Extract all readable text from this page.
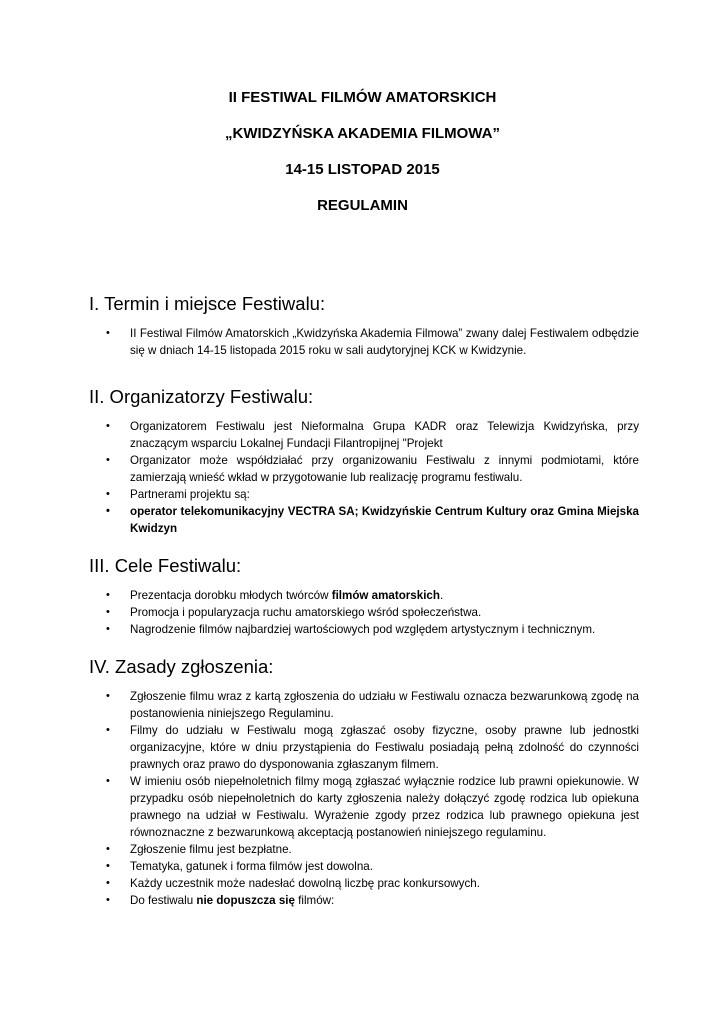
II FESTIWAL FILMÓW AMATORSKICH
„KWIDZYŃSKA AKADEMIA FILMOWA”
14-15 LISTOPAD 2015
REGULAMIN
I. Termin i miejsce Festiwalu:
• II Festiwal Filmów Amatorskich „Kwidzyńska Akademia Filmowa” zwany dalej Festiwalem odbędzie się w dniach 14-15 listopada 2015 roku w sali audytoryjnej KCK w Kwidzynie.
II. Organizatorzy Festiwalu:
• Organizatorem Festiwalu jest Nieformalna Grupa KADR oraz Telewizja Kwidzyńska, przy znaczącym wsparciu Lokalnej Fundacji Filantropijnej "Projekt
• Organizator może współdziałać przy organizowaniu Festiwalu z innymi podmiotami, które zamierzają wnieść wkład w przygotowanie lub realizację programu festiwalu.
• Partnerami projektu są:
• operator telekomunikacyjny VECTRA SA; Kwidzyńskie Centrum Kultury oraz Gmina Miejska Kwidzyn
III. Cele Festiwalu:
• Prezentacja dorobku młodych twórców filmów amatorskich.
• Promocja i popularyzacja ruchu amatorskiego wśród społeczeństwa.
• Nagrodzenie filmów najbardziej wartościowych pod względem artystycznym i technicznym.
IV. Zasady zgłoszenia:
• Zgłoszenie filmu wraz z kartą zgłoszenia do udziału w Festiwalu oznacza bezwarunkową zgodę na postanowienia niniejszego Regulaminu.
• Filmy do udziału w Festiwalu mogą zgłaszać osoby fizyczne, osoby prawne lub jednostki organizacyjne, które w dniu przystąpienia do Festiwalu posiadają pełną zdolność do czynności prawnych oraz prawo do dysponowania zgłaszanym filmem.
• W imieniu osób niepełnoletnich filmy mogą zgłaszać wyłącznie rodzice lub prawni opiekunowie. W przypadku osób niepełnoletnich do karty zgłoszenia należy dołączyć zgodę rodzica lub opiekuna prawnego na udział w Festiwalu. Wyrażenie zgody przez rodzica lub prawnego opiekuna jest równoznaczne z bezwarunkową akceptacją postanowień niniejszego regulaminu.
• Zgłoszenie filmu jest bezpłatne.
• Tematyka, gatunek i forma filmów jest dowolna.
• Każdy uczestnik może nadesłać dowolną liczbę prac konkursowych.
• Do festiwalu nie dopuszcza się filmów:
